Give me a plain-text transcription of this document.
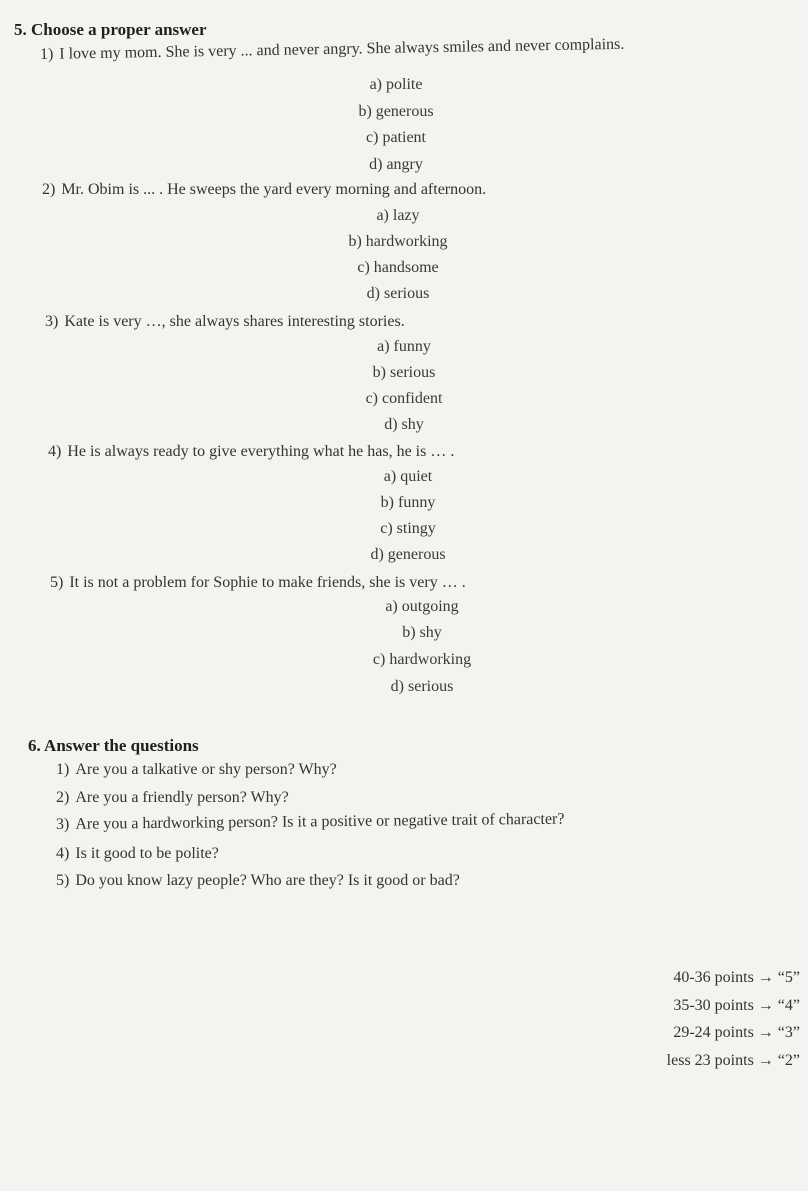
5. Choose a proper answer
1) I love my mom. She is very ... and never angry. She always smiles and never complains.
a) polite
b) generous
c) patient
d) angry
2) Mr. Obim is ... . He sweeps the yard every morning and afternoon.
a) lazy
b) hardworking
c) handsome
d) serious
3) Kate is very …, she always shares interesting stories.
a) funny
b) serious
c) confident
d) shy
4) He is always ready to give everything what he has, he is … .
a) quiet
b) funny
c) stingy
d) generous
5) It is not a problem for Sophie to make friends, she is very … .
a) outgoing
b) shy
c) hardworking
d) serious
6. Answer the questions
1) Are you a talkative or shy person? Why?
2) Are you a friendly person? Why?
3) Are you a hardworking person? Is it a positive or negative trait of character?
4) Is it good to be polite?
5) Do you know lazy people? Who are they? Is it good or bad?
40-36 points → “5”
35-30 points → “4”
29-24 points → “3”
less 23 points → “2”
